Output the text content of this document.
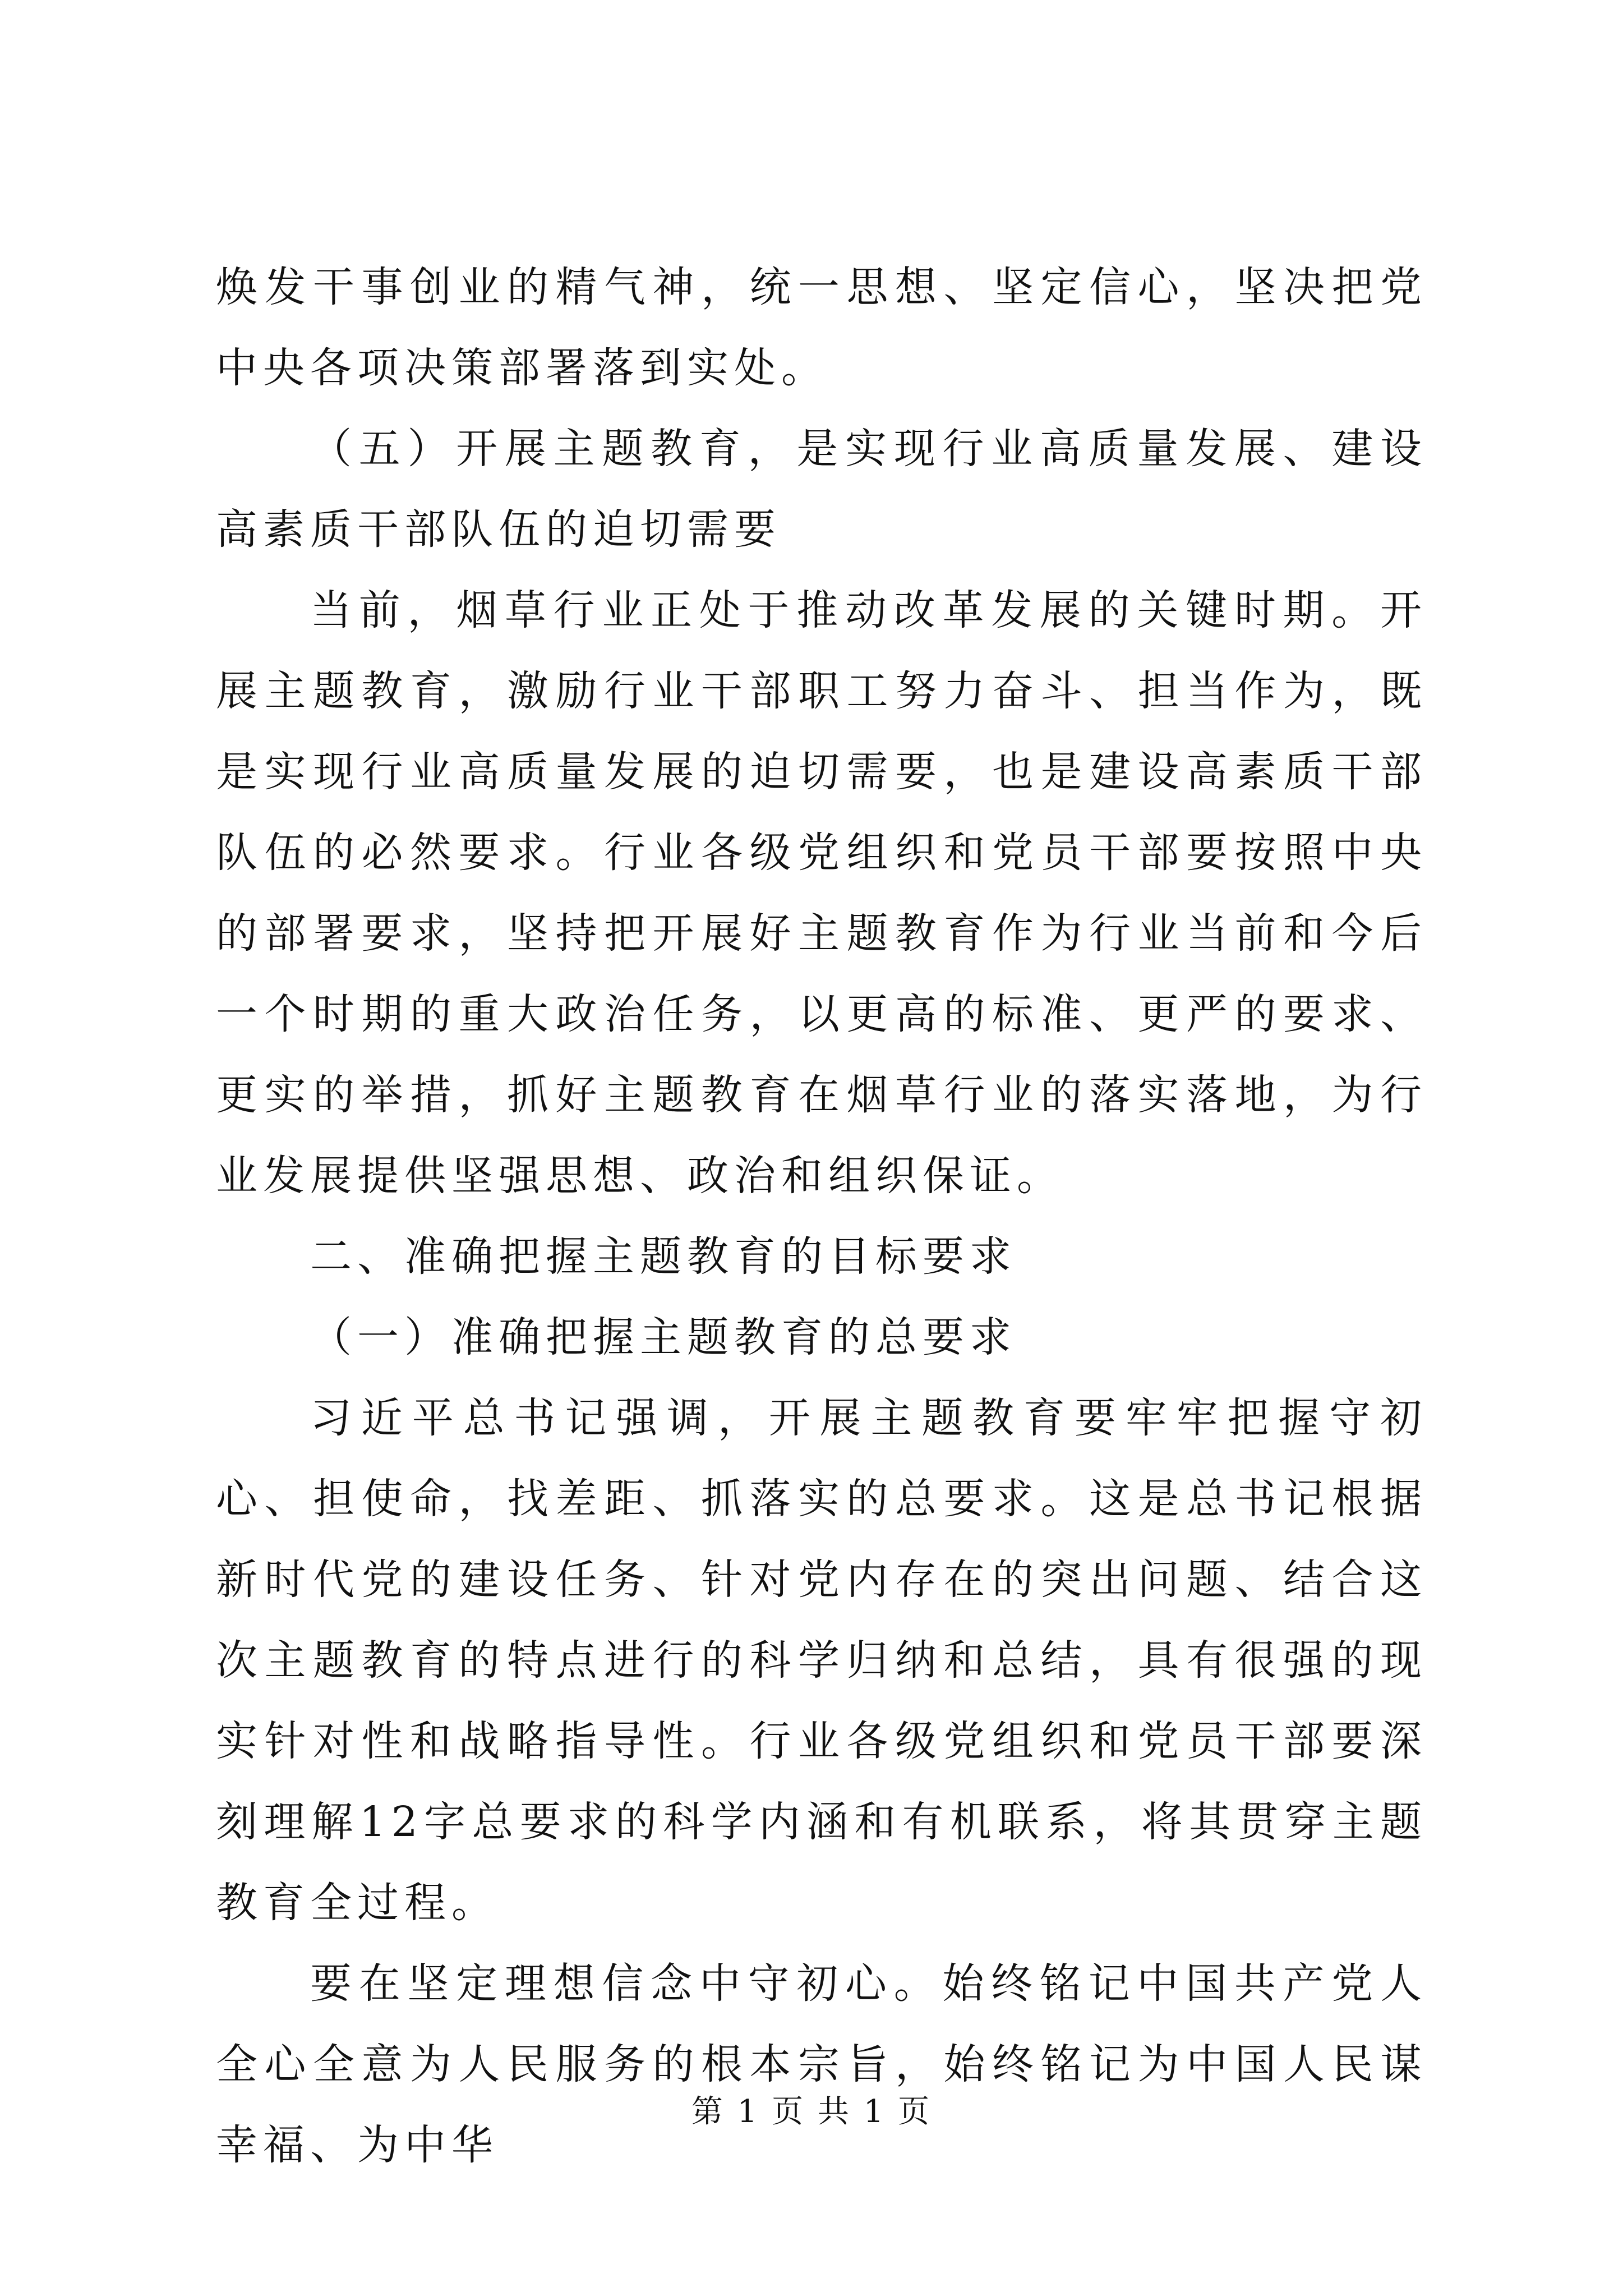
焕发干事创业的精气神，统一思想、坚定信心，坚决把党中央各项决策部署落到实处。

（五）开展主题教育，是实现行业高质量发展、建设高素质干部队伍的迫切需要

当前，烟草行业正处于推动改革发展的关键时期。开展主题教育，激励行业干部职工努力奋斗、担当作为，既是实现行业高质量发展的迫切需要，也是建设高素质干部队伍的必然要求。行业各级党组织和党员干部要按照中央的部署要求，坚持把开展好主题教育作为行业当前和今后一个时期的重大政治任务，以更高的标准、更严的要求、更实的举措，抓好主题教育在烟草行业的落实落地，为行业发展提供坚强思想、政治和组织保证。

二、准确把握主题教育的目标要求

（一）准确把握主题教育的总要求

习近平总书记强调，开展主题教育要牢牢把握守初心、担使命，找差距、抓落实的总要求。这是总书记根据新时代党的建设任务、针对党内存在的突出问题、结合这次主题教育的特点进行的科学归纳和总结，具有很强的现实针对性和战略指导性。行业各级党组织和党员干部要深刻理解12字总要求的科学内涵和有机联系，将其贯穿主题教育全过程。

要在坚定理想信念中守初心。始终铭记中国共产党人全心全意为人民服务的根本宗旨，始终铭记为中国人民谋幸福、为中华

第 1 页 共 1 页
